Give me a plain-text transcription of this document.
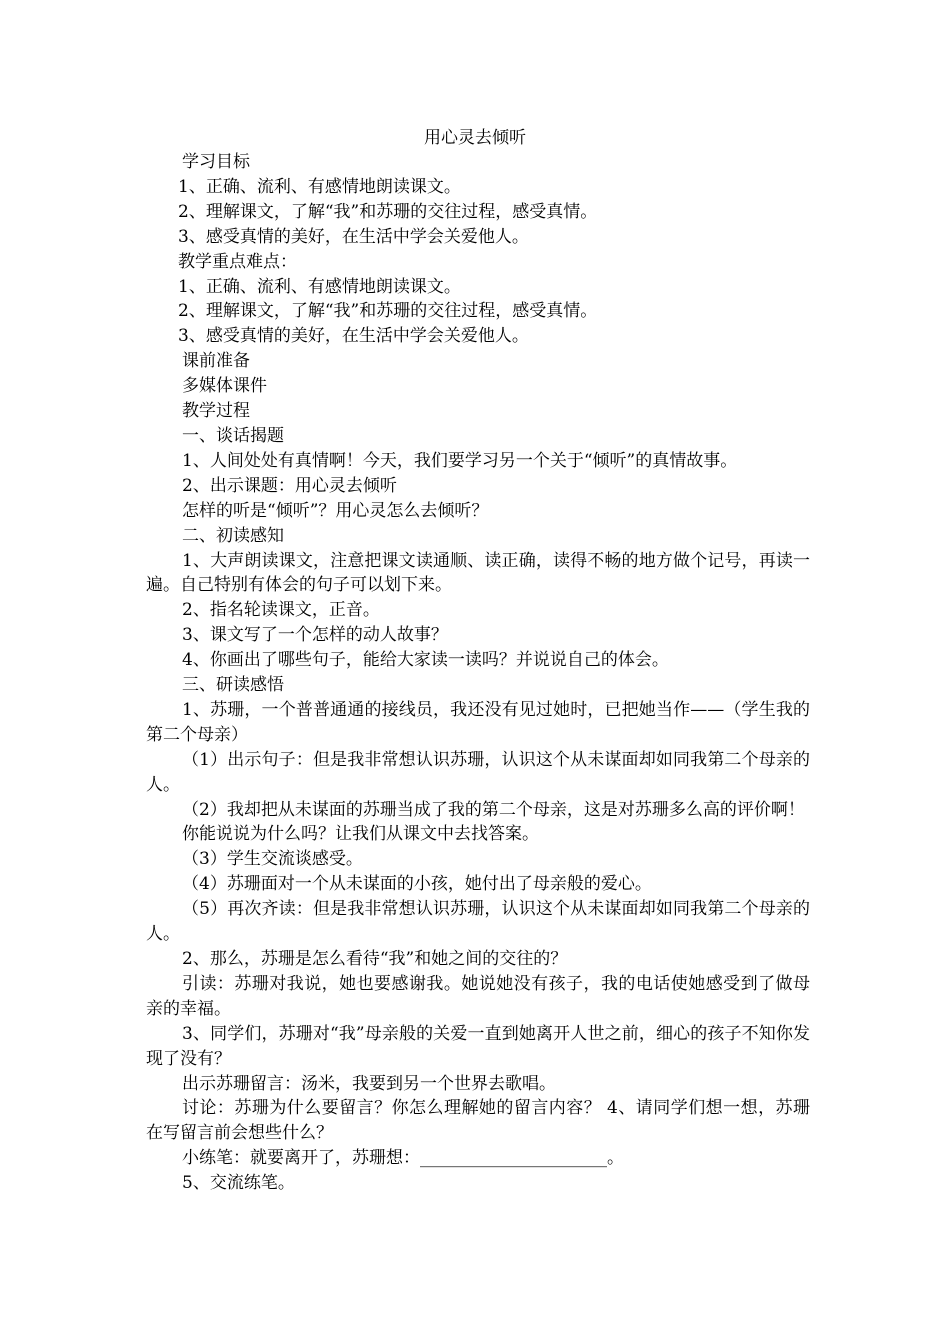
用心灵去倾听

学习目标

1、正确、流利、有感情地朗读课文。

2、理解课文，了解“我”和苏珊的交往过程，感受真情。

3、感受真情的美好，在生活中学会关爱他人。

教学重点难点：

1、正确、流利、有感情地朗读课文。

2、理解课文，了解“我”和苏珊的交往过程，感受真情。

3、感受真情的美好，在生活中学会关爱他人。

课前准备

多媒体课件

教学过程

一、谈话揭题

1、人间处处有真情啊！今天，我们要学习另一个关于“倾听”的真情故事。

2、出示课题：用心灵去倾听

怎样的听是“倾听”？用心灵怎么去倾听？

二、初读感知

1、大声朗读课文，注意把课文读通顺、读正确，读得不畅的地方做个记号，再读一遍。自己特别有体会的句子可以划下来。

2、指名轮读课文，正音。

3、课文写了一个怎样的动人故事？

4、你画出了哪些句子，能给大家读一读吗？并说说自己的体会。

三、研读感悟

1、苏珊，一个普普通通的接线员，我还没有见过她时，已把她当作——（学生我的第二个母亲）

（1）出示句子：但是我非常想认识苏珊，认识这个从未谋面却如同我第二个母亲的人。

（2）我却把从未谋面的苏珊当成了我的第二个母亲，这是对苏珊多么高的评价啊！

你能说说为什么吗？让我们从课文中去找答案。

（3）学生交流谈感受。

（4）苏珊面对一个从未谋面的小孩，她付出了母亲般的爱心。

（5）再次齐读：但是我非常想认识苏珊，认识这个从未谋面却如同我第二个母亲的人。

2、那么，苏珊是怎么看待“我”和她之间的交往的？

引读：苏珊对我说，她也要感谢我。她说她没有孩子，我的电话使她感受到了做母亲的幸福。

3、同学们，苏珊对“我”母亲般的关爱一直到她离开人世之前，细心的孩子不知你发现了没有？

出示苏珊留言：汤米，我要到另一个世界去歌唱。

讨论：苏珊为什么要留言？你怎么理解她的留言内容？ 4、请同学们想一想，苏珊在写留言前会想些什么？

小练笔：就要离开了，苏珊想：______________________。

5、交流练笔。
